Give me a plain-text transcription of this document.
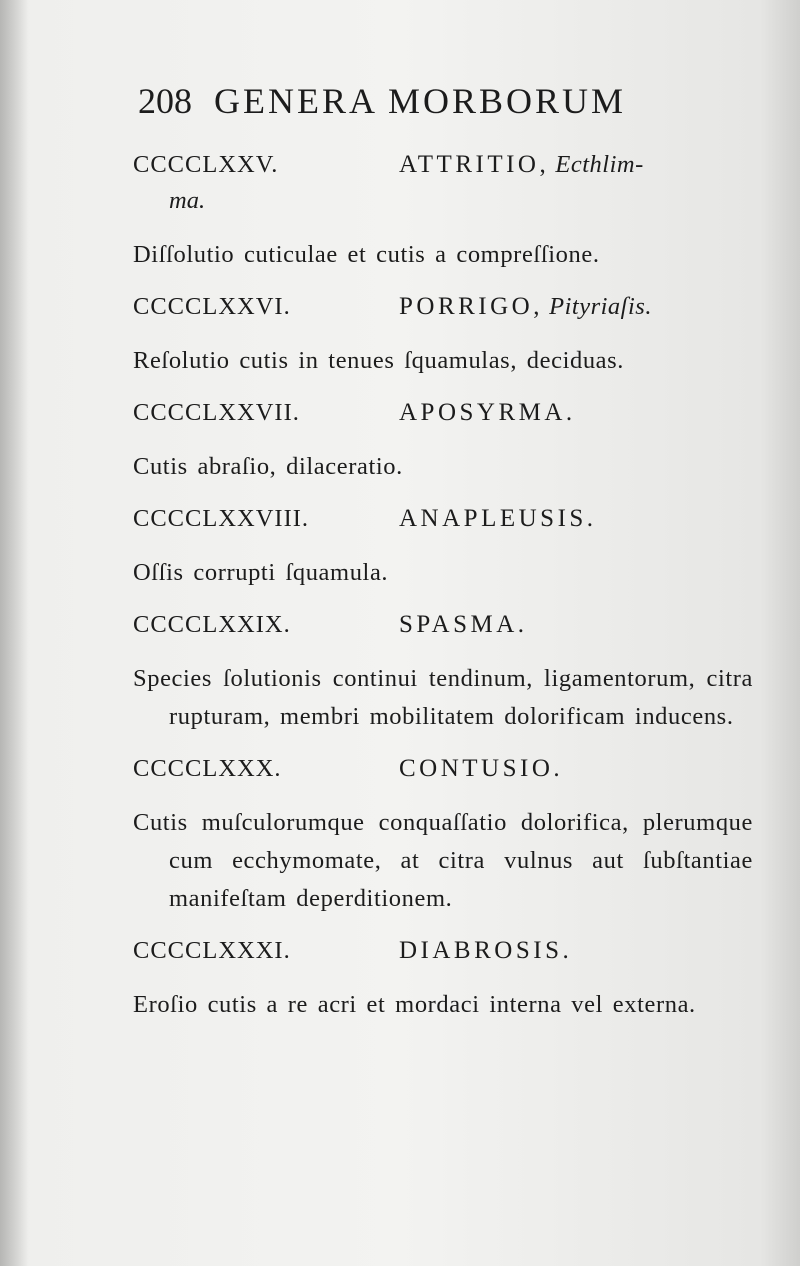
208 GENERA MORBORUM
CCCCLXXV.	ATTRITIO,
Ecthlim-
ma.
Diſſolutio cuticulae et cutis a compreſſione.
CCCCLXXVI.	PORRIGO,
Pityriaſis.
Reſolutio cutis in tenues ſquamulas, deciduas.
CCCCLXXVII.	APOSYRMA.
Cutis abraſio, dilaceratio.
CCCCLXXVIII.	ANAPLEUSIS.
Oſſis corrupti ſquamula.
CCCCLXXIX.	SPASMA.
Species ſolutionis continui tendinum, ligamentorum, citra rupturam, membri mobilitatem dolorificam inducens.
CCCCLXXX.	CONTUSIO.
Cutis muſculorumque conquaſſatio dolorifica, plerumque cum ecchymomate, at citra vulnus aut ſubſtantiae manifeſtam deperditionem.
CCCCLXXXI.	DIABROSIS.
Eroſio cutis a re acri et mordaci interna vel externa.
